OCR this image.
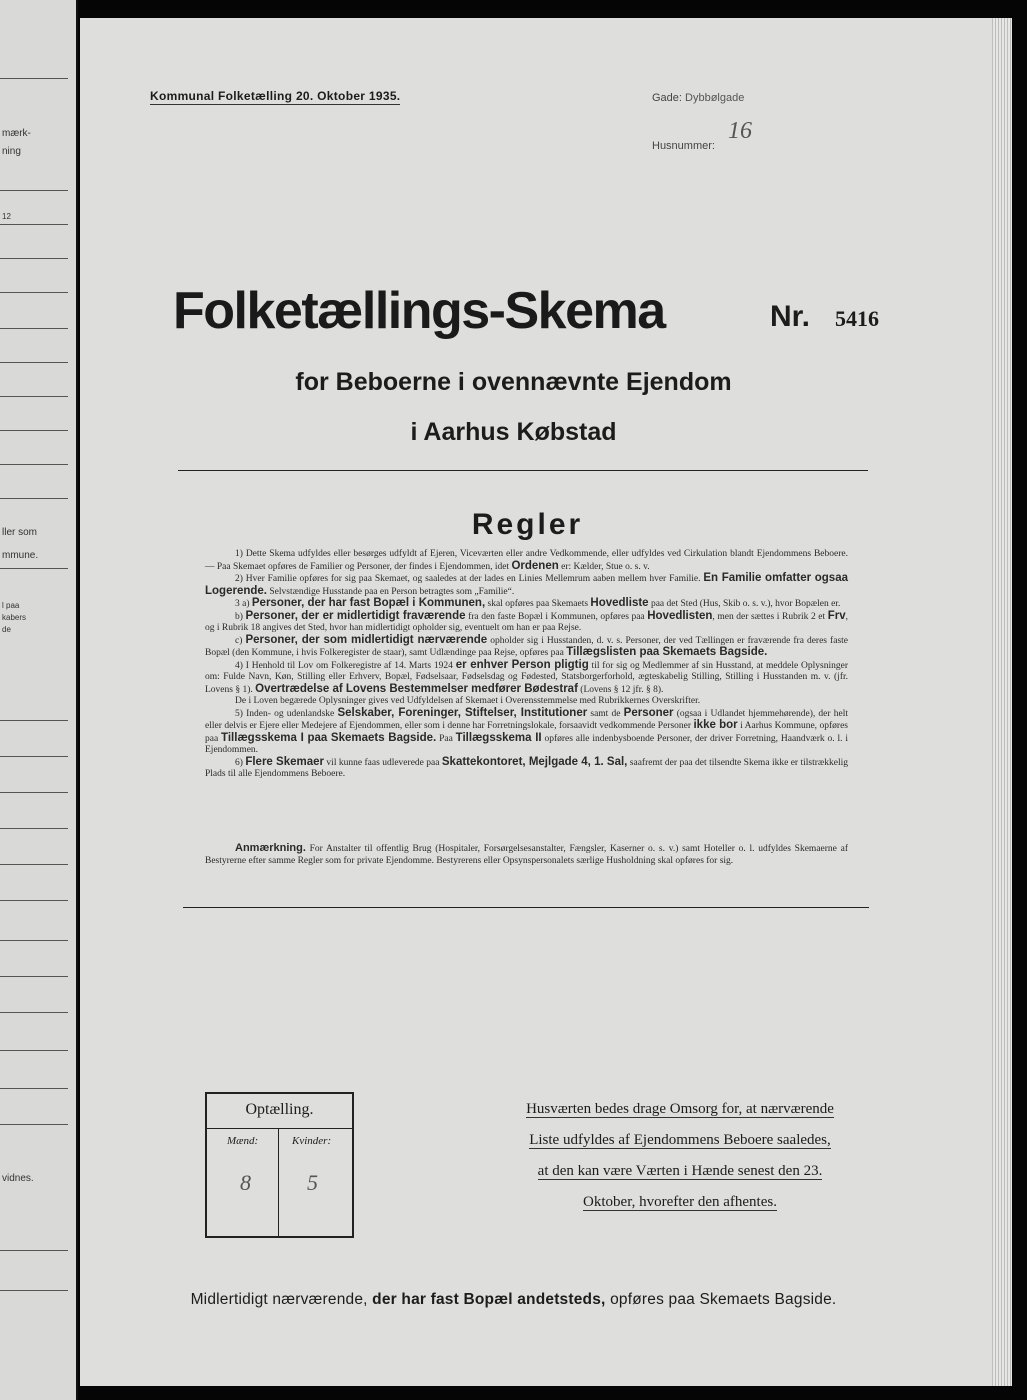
mærk-
ning
12
ller som
mmune.
l paa
kabers
de
vidnes.
Kommunal Folketælling 20. Oktober 1935.	Gade: Dybbølgade
Husnummer:
16
Folketællings-Skema	Nr. 5416
for Beboerne i ovennævnte Ejendom
i Aarhus Købstad
Regler

1) Dette Skema udfyldes eller besørges udfyldt af Ejeren, Viceværten eller andre Vedkommende, eller udfyldes ved Cirkulation blandt Ejendommens Beboere. — Paa Skemaet opføres de Familier og Personer, der findes i Ejendommen, idet Ordenen er: Kælder, Stue o. s. v.

2) Hver Familie opføres for sig paa Skemaet, og saaledes at der lades en Linies Mellemrum aaben mellem hver Familie. En Familie omfatter ogsaa Logerende. Selvstændige Husstande paa en Person betragtes som „Familie“.

3 a) Personer, der har fast Bopæl i Kommunen, skal opføres paa Skemaets Hovedliste paa det Sted (Hus, Skib o. s. v.), hvor Bopælen er.

b) Personer, der er midlertidigt fraværende fra den faste Bopæl i Kommunen, opføres paa Hovedlisten, men der sættes i Rubrik 2 et Frv, og i Rubrik 18 angives det Sted, hvor han midlertidigt opholder sig, eventuelt om han er paa Rejse.

c) Personer, der som midlertidigt nærværende opholder sig i Husstanden, d. v. s. Personer, der ved Tællingen er fraværende fra deres faste Bopæl (den Kommune, i hvis Folkeregister de staar), samt Udlændinge paa Rejse, opføres paa Tillægslisten paa Skemaets Bagside.

4) I Henhold til Lov om Folkeregistre af 14. Marts 1924 er enhver Person pligtig til for sig og Medlemmer af sin Husstand, at meddele Oplysninger om: Fulde Navn, Køn, Stilling eller Erhverv, Bopæl, Fødselsaar, Fødselsdag og Fødested, Statsborgerforhold, ægteskabelig Stilling, Stilling i Husstanden m. v. (jfr. Lovens § 1). Overtrædelse af Lovens Bestemmelser medfører Bødestraf (Lovens § 12 jfr. § 8).

De i Loven begærede Oplysninger gives ved Udfyldelsen af Skemaet i Overensstemmelse med Rubrikkernes Overskrifter.

5) Inden- og udenlandske Selskaber, Foreninger, Stiftelser, Institutioner samt de Personer (ogsaa i Udlandet hjemmehørende), der helt eller delvis er Ejere eller Medejere af Ejendommen, eller som i denne har Forretningslokale, forsaavidt vedkommende Personer ikke bor i Aarhus Kommune, opføres paa Tillægsskema I paa Skemaets Bagside. Paa Tillægsskema II opføres alle indenbysboende Personer, der driver Forretning, Haandværk o. l. i Ejendommen.

6) Flere Skemaer vil kunne faas udleverede paa Skattekontoret, Mejlgade 4, 1. Sal, saafremt der paa det tilsendte Skema ikke er tilstrækkelig Plads til alle Ejendommens Beboere.

Anmærkning. For Anstalter til offentlig Brug (Hospitaler, Forsørgelsesanstalter, Fængsler, Kaserner o. s. v.) samt Hoteller o. l. udfyldes Skemaerne af Bestyrerne efter samme Regler som for private Ejendomme. Bestyrerens eller Opsynspersonalets særlige Husholdning skal opføres for sig.

Optælling.
Mænd:	Kvinder:
8	5
Husværten bedes drage Omsorg for, at nærværende
Liste udfyldes af Ejendommens Beboere saaledes,
at den kan være Værten i Hænde senest den 23.
Oktober, hvorefter den afhentes.
Midlertidigt nærværende, der har fast Bopæl andetsteds, opføres paa Skemaets Bagside.
